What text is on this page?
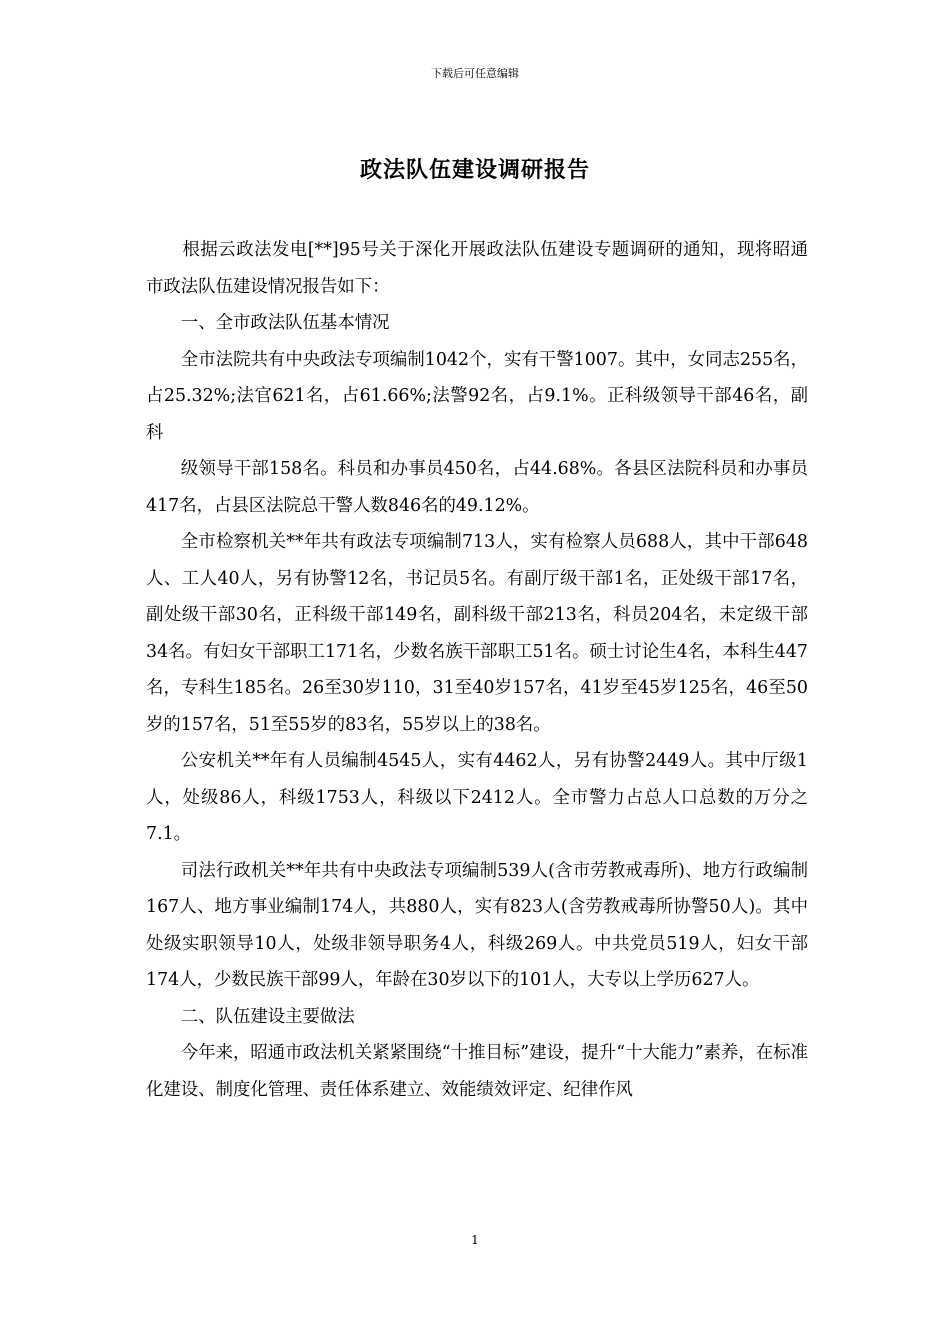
下载后可任意编辑
政法队伍建设调研报告

根据云政法发电[**]95号关于深化开展政法队伍建设专题调研的通知，现将昭通市政法队伍建设情况报告如下：

一、全市政法队伍基本情况

全市法院共有中央政法专项编制1042个，实有干警1007。其中，女同志255名，占25.32%;法官621名，占61.66%;法警92名，占9.1%。正科级领导干部46名，副科

级领导干部158名。科员和办事员450名，占44.68%。各县区法院科员和办事员417名，占县区法院总干警人数846名的49.12%。

全市检察机关**年共有政法专项编制713人，实有检察人员688人，其中干部648人、工人40人，另有协警12名，书记员5名。有副厅级干部1名，正处级干部17名，副处级干部30名，正科级干部149名，副科级干部213名，科员204名，未定级干部34名。有妇女干部职工171名，少数名族干部职工51名。硕士讨论生4名，本科生447名，专科生185名。26至30岁110，31至40岁157名，41岁至45岁125名，46至50岁的157名，51至55岁的83名，55岁以上的38名。

公安机关**年有人员编制4545人，实有4462人，另有协警2449人。其中厅级1人，处级86人，科级1753人，科级以下2412人。全市警力占总人口总数的万分之7.1。

司法行政机关**年共有中央政法专项编制539人(含市劳教戒毒所)、地方行政编制167人、地方事业编制174人，共880人，实有823人(含劳教戒毒所协警50人)。其中处级实职领导10人，处级非领导职务4人，科级269人。中共党员519人，妇女干部174人，少数民族干部99人，年龄在30岁以下的101人，大专以上学历627人。

二、队伍建设主要做法

今年来，昭通市政法机关紧紧围绕“十推目标”建设，提升“十大能力”素养，在标准化建设、制度化管理、责任体系建立、效能绩效评定、纪律作风

1
